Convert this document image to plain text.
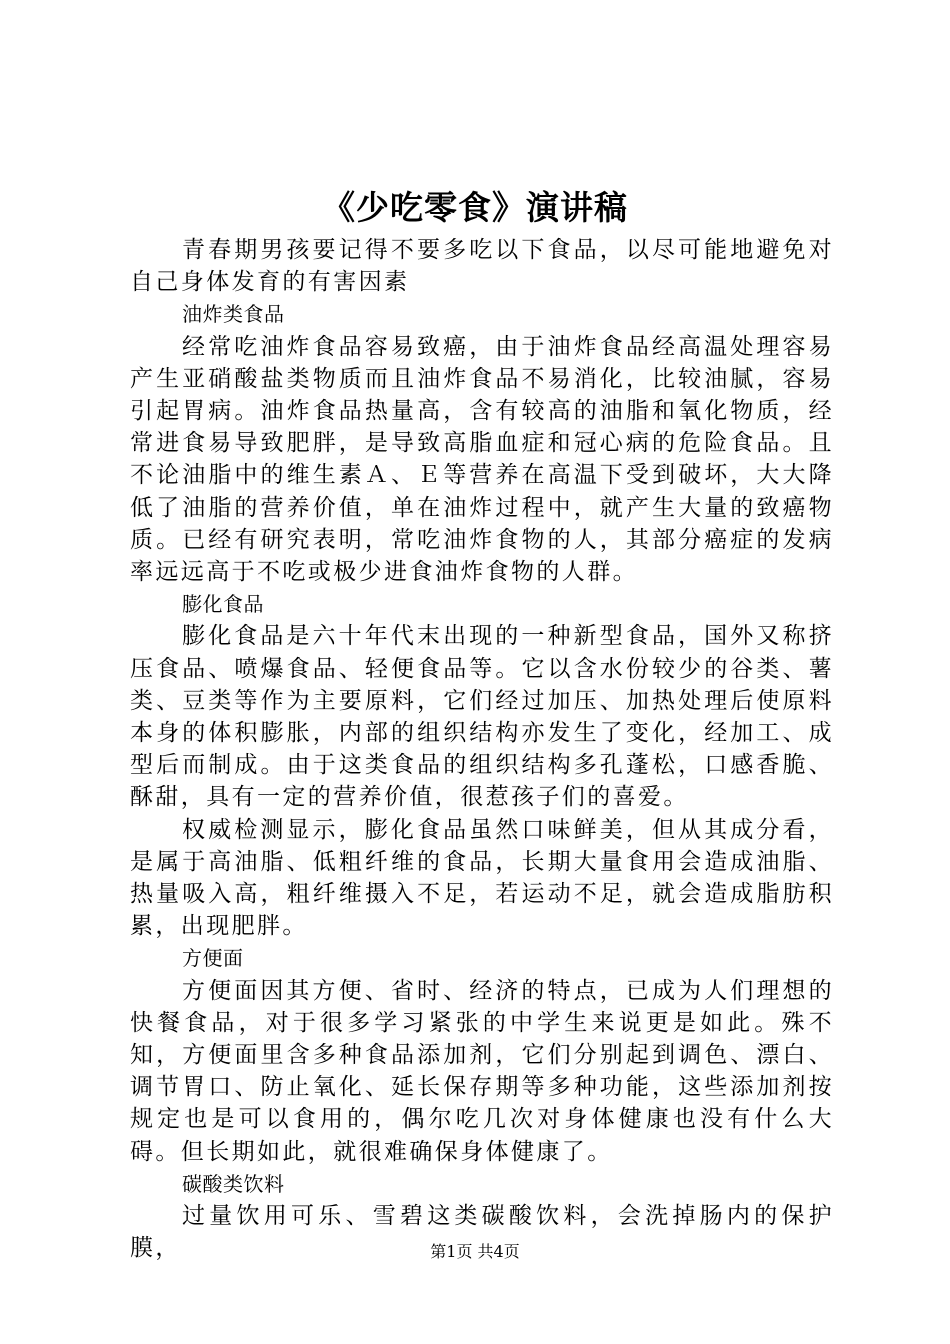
《少吃零食》演讲稿

青春期男孩要记得不要多吃以下食品，以尽可能地避免对自己身体发育的有害因素

油炸类食品

经常吃油炸食品容易致癌，由于油炸食品经高温处理容易产生亚硝酸盐类物质而且油炸食品不易消化，比较油腻，容易引起胃病。油炸食品热量高，含有较高的油脂和氧化物质，经常进食易导致肥胖，是导致高脂血症和冠心病的危险食品。且不论油脂中的维生素Ａ、Ｅ等营养在高温下受到破坏，大大降低了油脂的营养价值，单在油炸过程中，就产生大量的致癌物质。已经有研究表明，常吃油炸食物的人，其部分癌症的发病率远远高于不吃或极少进食油炸食物的人群。

膨化食品

膨化食品是六十年代末出现的一种新型食品，国外又称挤压食品、喷爆食品、轻便食品等。它以含水份较少的谷类、薯类、豆类等作为主要原料，它们经过加压、加热处理后使原料本身的体积膨胀，内部的组织结构亦发生了变化，经加工、成型后而制成。由于这类食品的组织结构多孔蓬松，口感香脆、酥甜，具有一定的营养价值，很惹孩子们的喜爱。

权威检测显示，膨化食品虽然口味鲜美，但从其成分看，是属于高油脂、低粗纤维的食品，长期大量食用会造成油脂、热量吸入高，粗纤维摄入不足，若运动不足，就会造成脂肪积累，出现肥胖。

方便面

方便面因其方便、省时、经济的特点，已成为人们理想的快餐食品，对于很多学习紧张的中学生来说更是如此。殊不知，方便面里含多种食品添加剂，它们分别起到调色、漂白、调节胃口、防止氧化、延长保存期等多种功能，这些添加剂按规定也是可以食用的，偶尔吃几次对身体健康也没有什么大碍。但长期如此，就很难确保身体健康了。

碳酸类饮料

过量饮用可乐、雪碧这类碳酸饮料，会洗掉肠内的保护膜，	第1页 共4页
